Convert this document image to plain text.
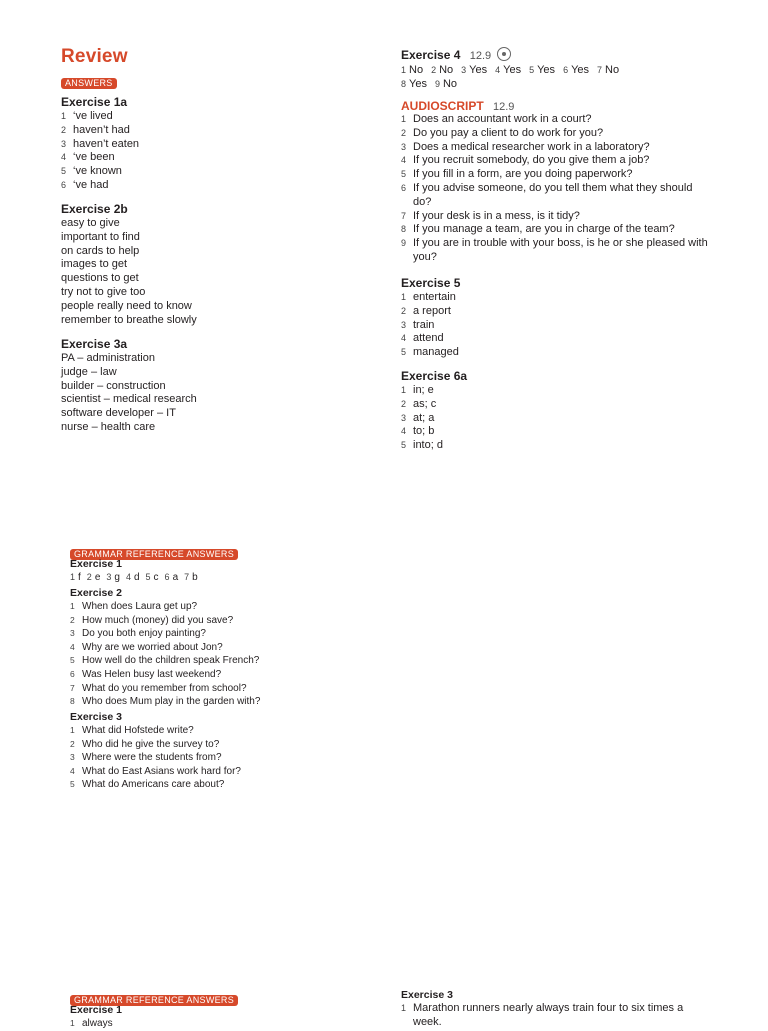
Review
ANSWERS
Exercise 1a
1 ‘ve lived
2 haven’t had
3 haven’t eaten
4 ‘ve been
5 ‘ve known
6 ‘ve had
Exercise 2b
easy to give
important to find
on cards to help
images to get
questions to get
try not to give too
people really need to know
remember to breathe slowly
Exercise 3a
PA – administration
judge – law
builder – construction
scientist – medical research
software developer – IT
nurse – health care
Exercise 4 12.9
1 No 2 No 3 Yes 4 Yes 5 Yes 6 Yes 7 No
8 Yes 9 No
AUDIOSCRIPT 12.9
1 Does an accountant work in a court?
2 Do you pay a client to do work for you?
3 Does a medical researcher work in a laboratory?
4 If you recruit somebody, do you give them a job?
5 If you fill in a form, are you doing paperwork?
6 If you advise someone, do you tell them what they should do?
7 If your desk is in a mess, is it tidy?
8 If you manage a team, are you in charge of the team?
9 If you are in trouble with your boss, is he or she pleased with you?
Exercise 5
1 entertain
2 a report
3 train
4 attend
5 managed
Exercise 6a
1 in; e
2 as; c
3 at; a
4 to; b
5 into; d
GRAMMAR REFERENCE ANSWERS
Exercise 1
1 f 2 e 3 g 4 d 5 c 6 a 7 b
Exercise 2
1 When does Laura get up?
2 How much (money) did you save?
3 Do you both enjoy painting?
4 Why are we worried about Jon?
5 How well do the children speak French?
6 Was Helen busy last weekend?
7 What do you remember from school?
8 Who does Mum play in the garden with?
Exercise 3
1 What did Hofstede write?
2 Who did he give the survey to?
3 Where were the students from?
4 What do East Asians work hard for?
5 What do Americans care about?
GRAMMAR REFERENCE ANSWERS
Exercise 1
1 always
Exercise 3
1 Marathon runners nearly always train four to six times a week.
